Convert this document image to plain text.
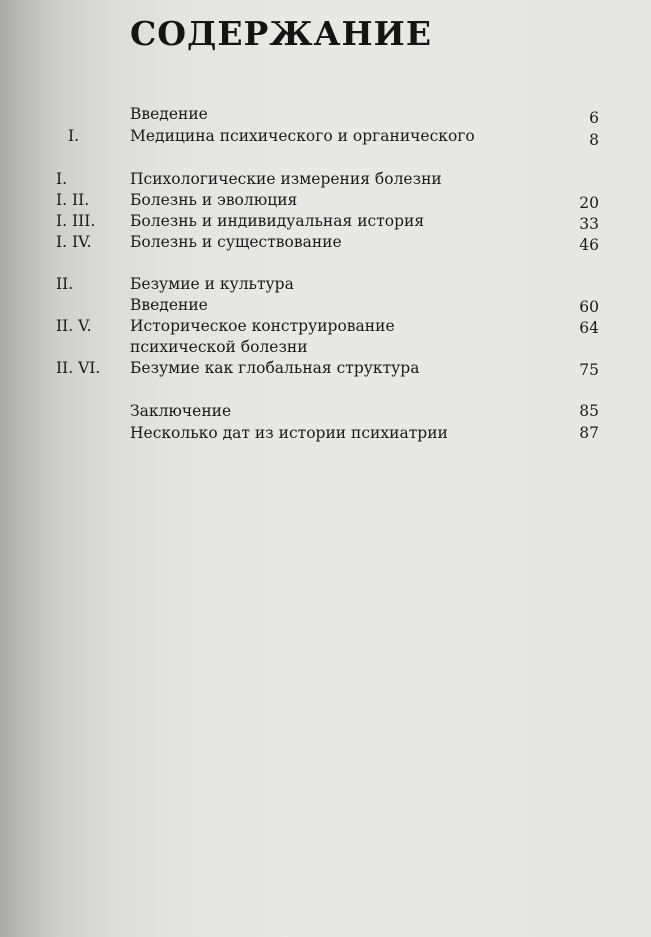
СОДЕРЖАНИЕ
Введение	6
I.	Медицина психического и органического	8
I.	Психологические измерения болезни
I. II.	Болезнь и эволюция	20
I. III. Болезнь и индивидуальная история	33
I. IV. Болезнь и существование	46
II.	Безумие и культура
Введение	60
II. V. Историческое конструирование	64
психической болезни
II. VI. Безумие как глобальная структура	75
Заключение	85
Несколько дат из истории психиатрии	87
